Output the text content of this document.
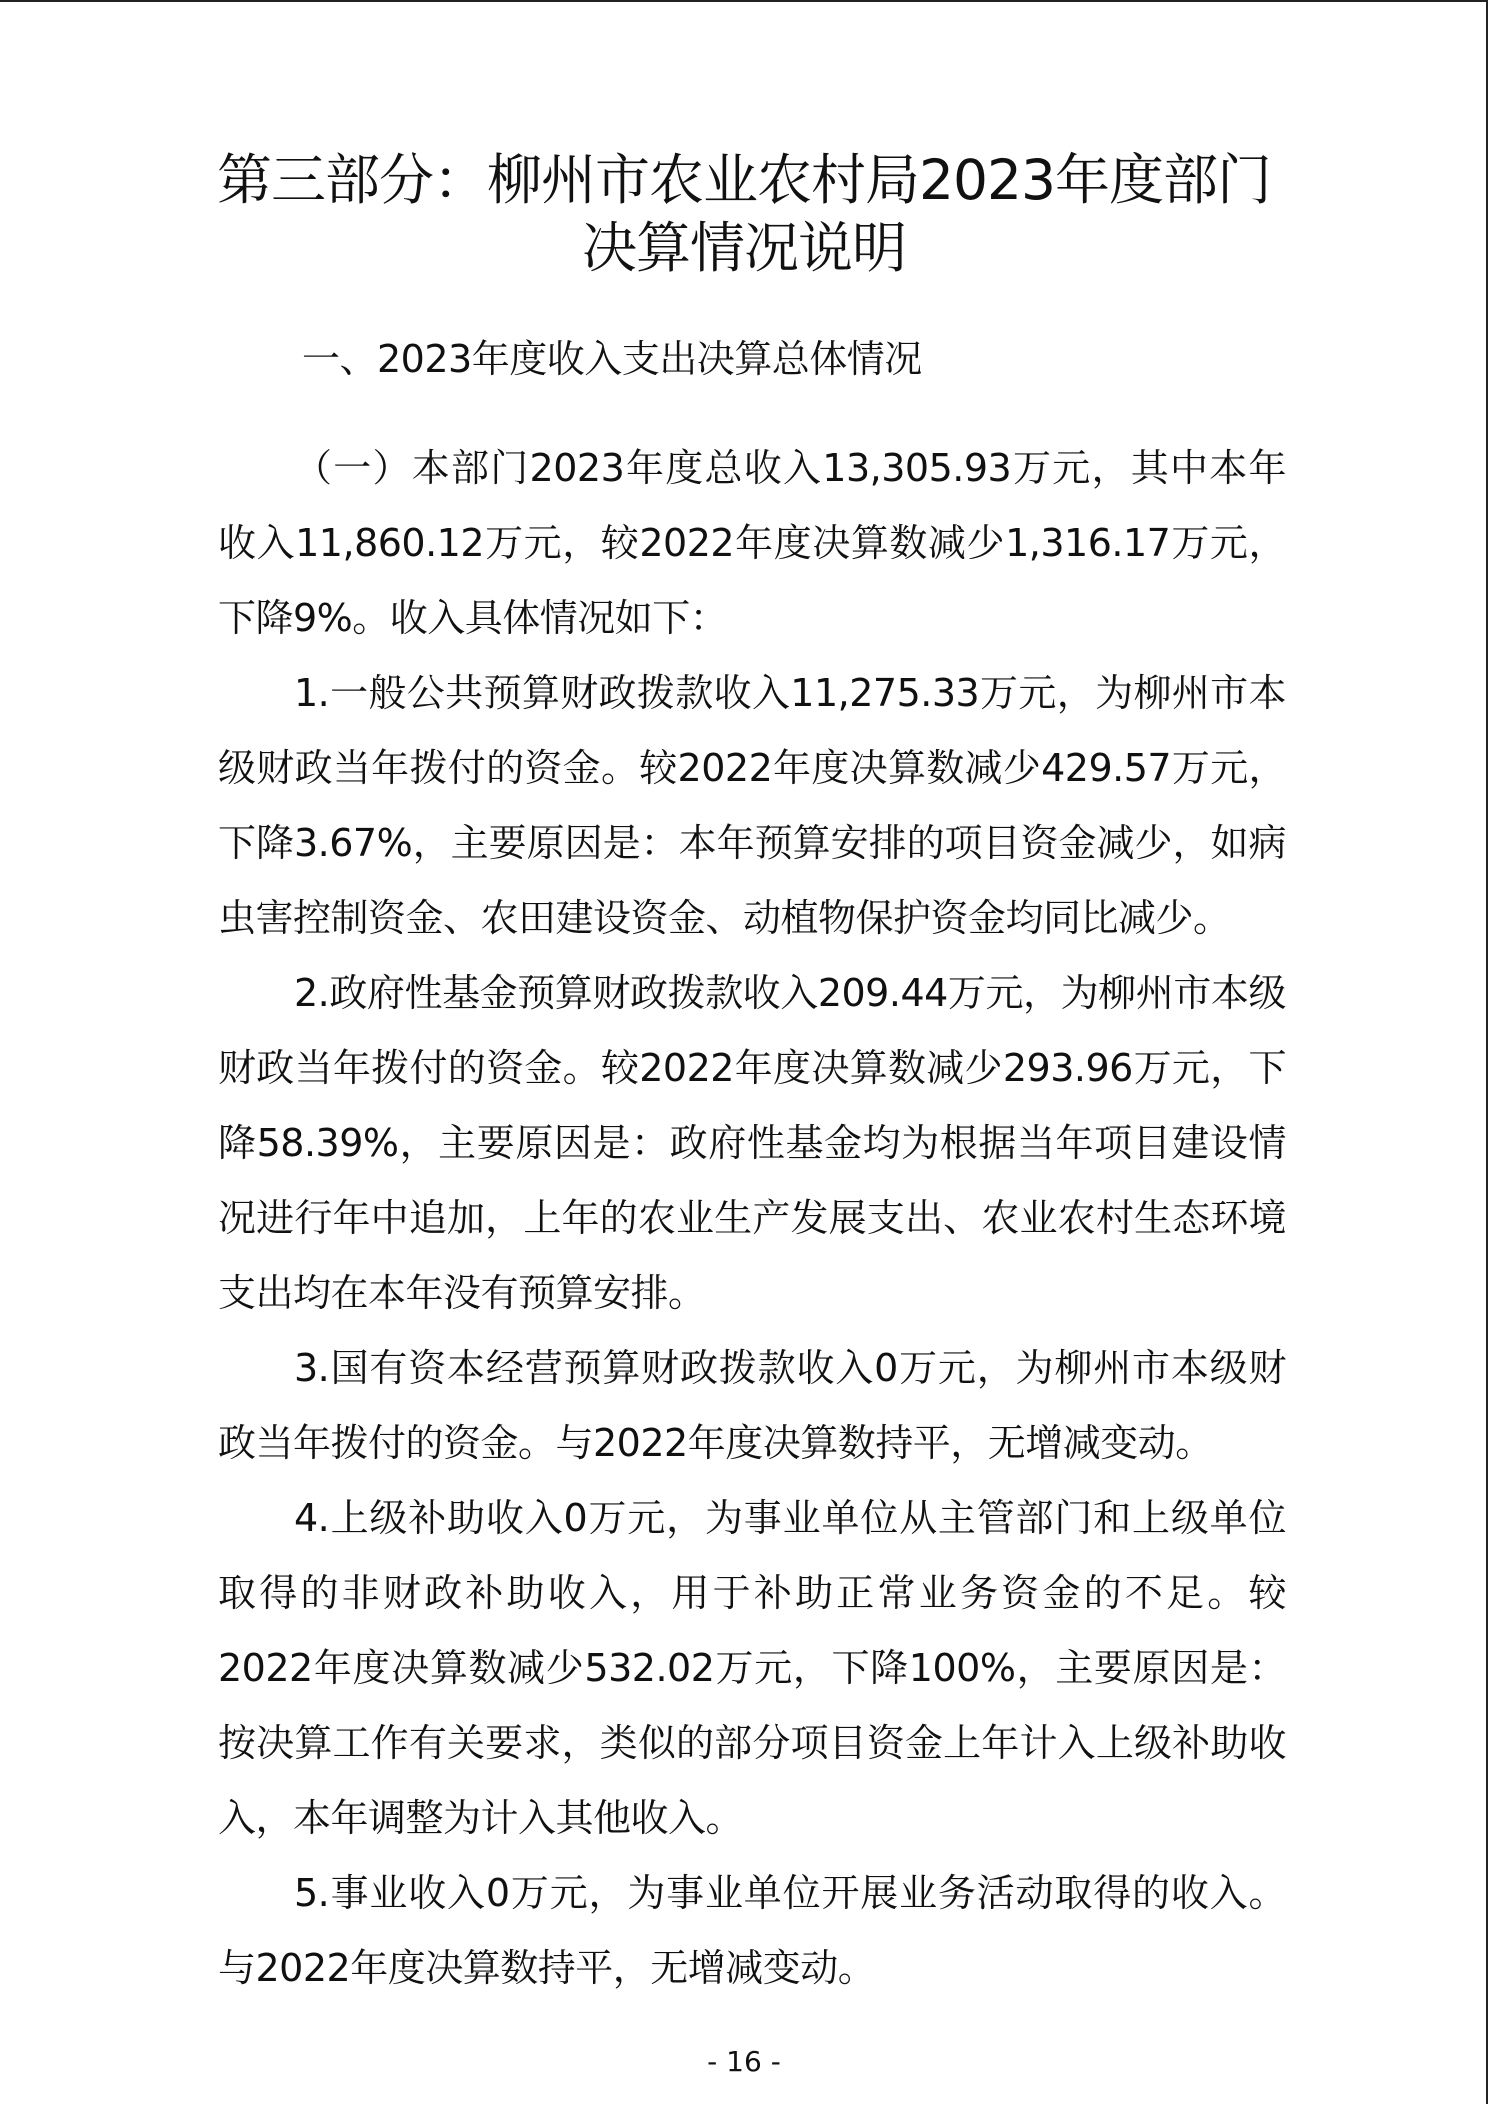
第三部分：柳州市农业农村局2023年度部门
决算情况说明

一、2023年度收入支出决算总体情况

（一）本部门2023年度总收入13,305.93万元，其中本年收入11,860.12万元，较2022年度决算数减少1,316.17万元，下降9%。收入具体情况如下：

1.一般公共预算财政拨款收入11,275.33万元，为柳州市本级财政当年拨付的资金。较2022年度决算数减少429.57万元，下降3.67%，主要原因是：本年预算安排的项目资金减少，如病虫害控制资金、农田建设资金、动植物保护资金均同比减少。

2.政府性基金预算财政拨款收入209.44万元，为柳州市本级财政当年拨付的资金。较2022年度决算数减少293.96万元，下降58.39%，主要原因是：政府性基金均为根据当年项目建设情况进行年中追加，上年的农业生产发展支出、农业农村生态环境支出均在本年没有预算安排。

3.国有资本经营预算财政拨款收入0万元，为柳州市本级财政当年拨付的资金。与2022年度决算数持平，无增减变动。

4.上级补助收入0万元，为事业单位从主管部门和上级单位取得的非财政补助收入，用于补助正常业务资金的不足。较2022年度决算数减少532.02万元，下降100%，主要原因是：按决算工作有关要求，类似的部分项目资金上年计入上级补助收入，本年调整为计入其他收入。

5.事业收入0万元，为事业单位开展业务活动取得的收入。与2022年度决算数持平，无增减变动。

- 16 -
